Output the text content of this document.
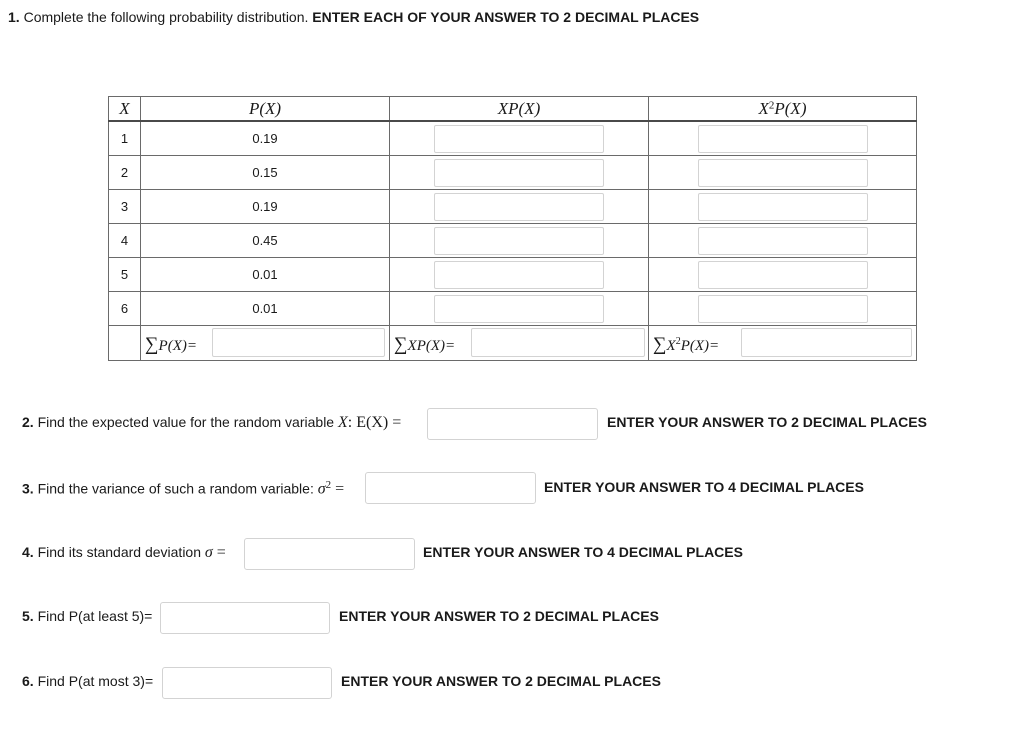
1. Complete the following probability distribution. ENTER EACH OF YOUR ANSWER TO 2 DECIMAL PLACES
X	P(X)	XP(X)	$X^2P(X)$
1	0.19	

2	0.15	

3	0.19	

4	0.45	

5	0.01	

6	0.01	

	∑P(X)=	∑XP(X)=	$\sum X^2P(X)=$
2. Find the expected value for the random variable X: E(X) =	ENTER YOUR ANSWER TO 2 DECIMAL PLACES
3. Find the variance of such a random variable: $\sigma^2$ =	ENTER YOUR ANSWER TO 4 DECIMAL PLACES
4. Find its standard deviation σ =	ENTER YOUR ANSWER TO 4 DECIMAL PLACES
5. Find P(at least 5)=	ENTER YOUR ANSWER TO 2 DECIMAL PLACES
6. Find P(at most 3)=	ENTER YOUR ANSWER TO 2 DECIMAL PLACES
